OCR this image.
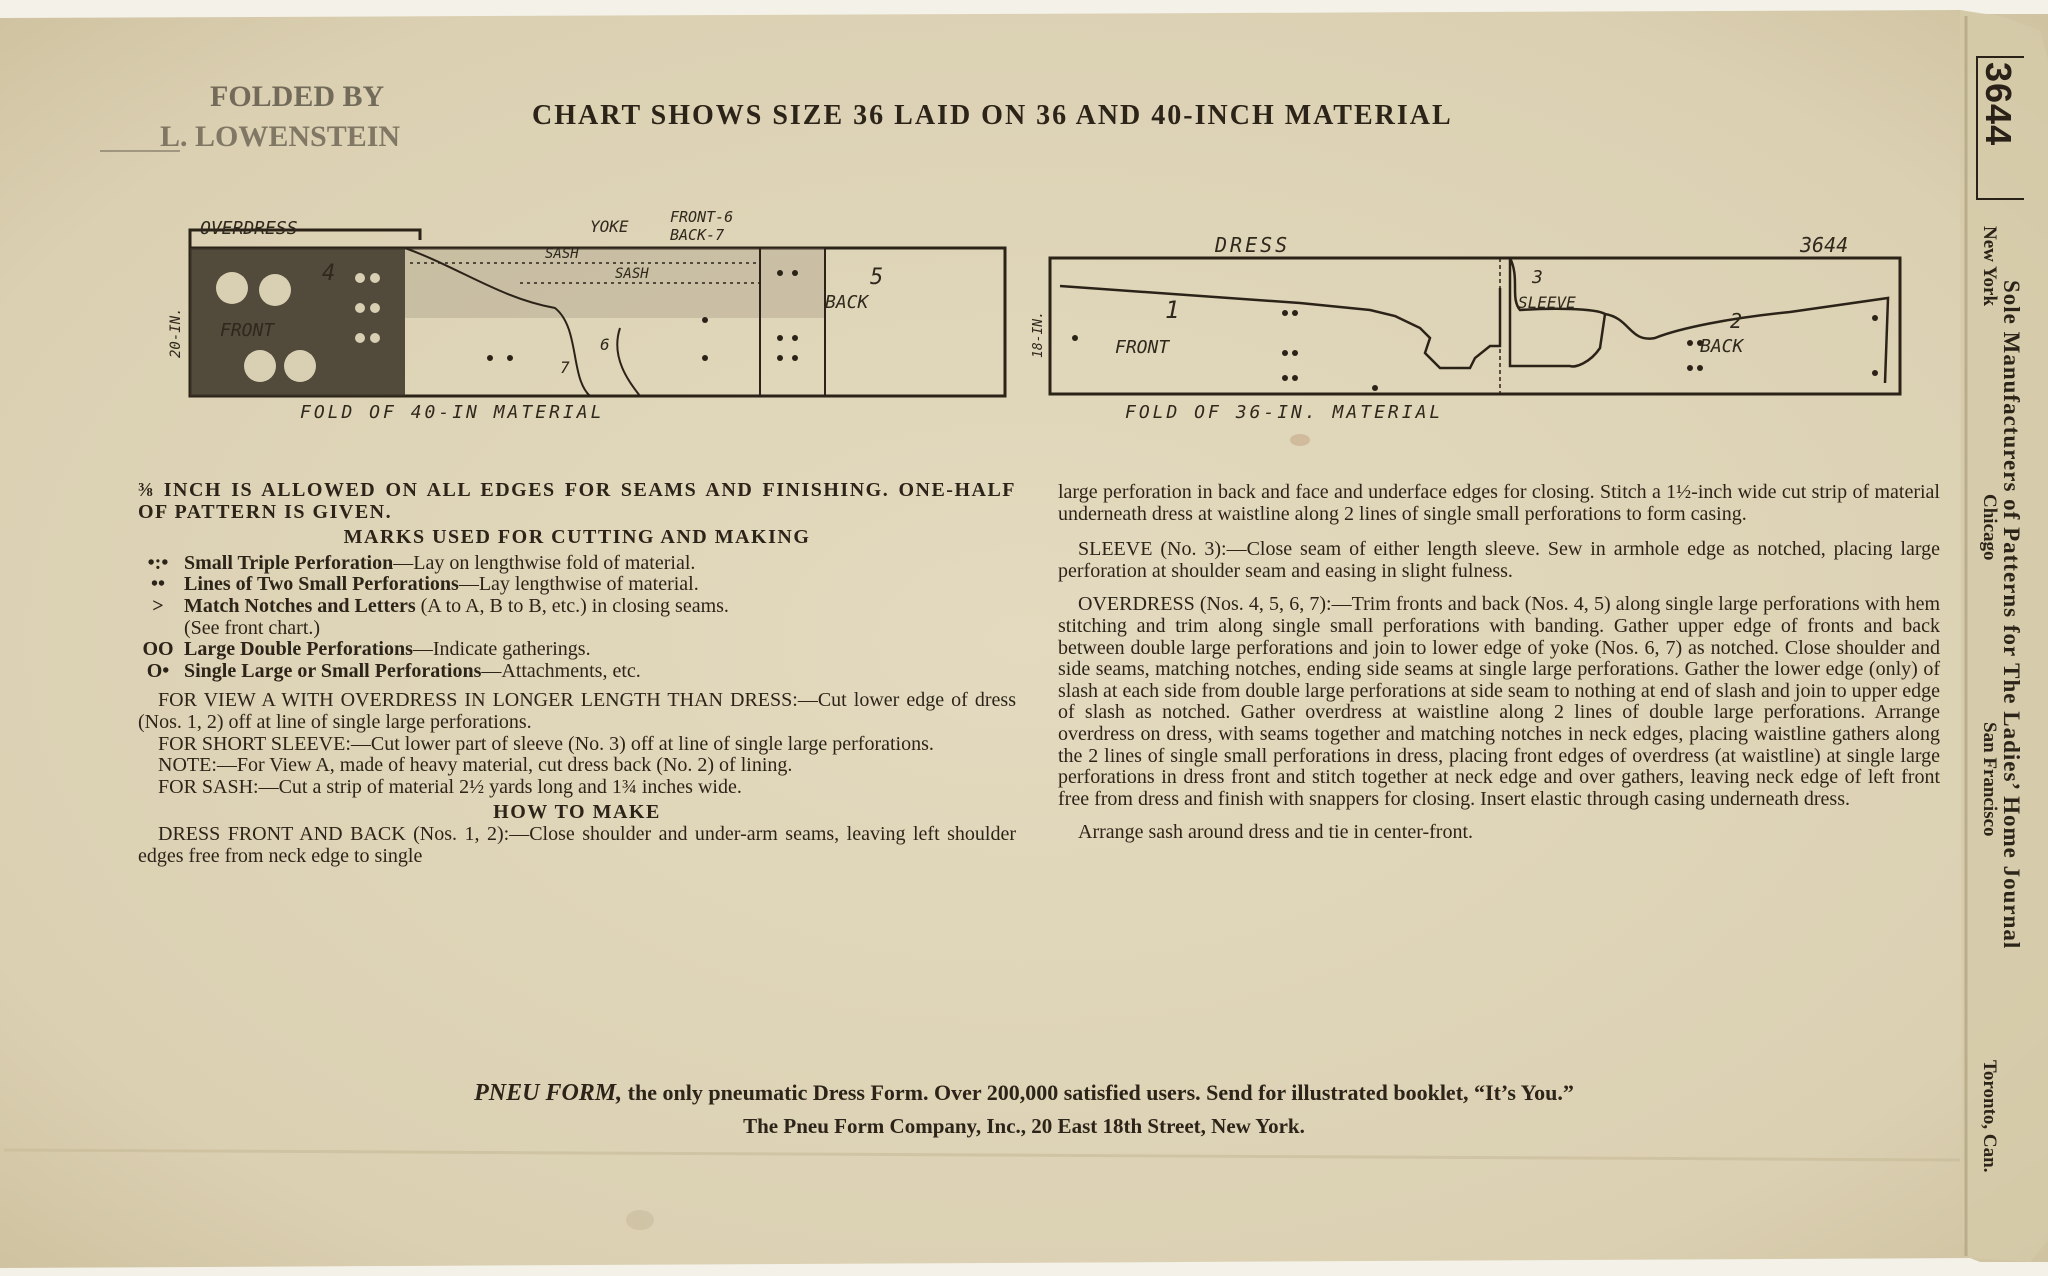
FOLDED BY
L. LOWENSTEIN
CHART SHOWS SIZE 36 LAID ON 36 AND 40-INCH MATERIAL
OVERDRESS	YOKE	FRONT-6
BACK-7
SASH
SASH
4
FRONT
5
BACK
6
7
20-IN.
FOLD OF 40-IN MATERIAL
DRESS	3644
1
FRONT
3
SLEEVE
2
BACK
18-IN.
FOLD OF 36-IN. MATERIAL

⅜ INCH IS ALLOWED ON ALL EDGES FOR SEAMS AND FINISHING. ONE-HALF OF PATTERN IS GIVEN.

MARKS USED FOR CUTTING AND MAKING

•:• Small Triple Perforation—Lay on lengthwise fold of material.
•• Lines of Two Small Perforations—Lay lengthwise of material.
>	Match Notches and Letters (A to A, B to B, etc.) in closing seams.
(See front chart.)
OO Large Double Perforations—Indicate gatherings.
O• Single Large or Small Perforations—Attachments, etc.

FOR VIEW A WITH OVERDRESS IN LONGER LENGTH THAN DRESS:—Cut lower edge of dress (Nos. 1, 2) off at line of single large perforations.

FOR SHORT SLEEVE:—Cut lower part of sleeve (No. 3) off at line of single large perforations.

NOTE:—For View A, made of heavy material, cut dress back (No. 2) of lining.

FOR SASH:—Cut a strip of material 2½ yards long and 1¾ inches wide.

HOW TO MAKE

DRESS FRONT AND BACK (Nos. 1, 2):—Close shoulder and under-arm seams, leaving left shoulder edges free from neck edge to single

large perforation in back and face and underface edges for closing. Stitch a 1½-inch wide cut strip of material underneath dress at waistline along 2 lines of single small perforations to form casing.

SLEEVE (No. 3):—Close seam of either length sleeve. Sew in armhole edge as notched, placing large perforation at shoulder seam and easing in slight fulness.

OVERDRESS (Nos. 4, 5, 6, 7):—Trim fronts and back (Nos. 4, 5) along single large perforations with hem stitching and trim along single small perforations with banding. Gather upper edge of fronts and back between double large perforations and join to lower edge of yoke (Nos. 6, 7) as notched. Close shoulder and side seams, matching notches, ending side seams at single large perforations. Gather the lower edge (only) of slash at each side from double large perforations at side seam to nothing at end of slash and join to upper edge of slash as notched. Gather overdress at waistline along 2 lines of double large perforations. Arrange overdress on dress, with seams together and matching notches in neck edges, placing waistline gathers along the 2 lines of single small perforations in dress, placing front edges of overdress (at waistline) at single large perforations in dress front and stitch together at neck edge and over gathers, leaving neck edge of left front free from dress and finish with snappers for closing. Insert elastic through casing underneath dress.

Arrange sash around dress and tie in center-front.

PNEU FORM, the only pneumatic Dress Form. Over 200,000 satisfied users. Send for illustrated booklet, “It’s You.”
The Pneu Form Company, Inc., 20 East 18th Street, New York.
3644
Sole Manufacturers of Patterns for The Ladies’ Home Journal
New York
Chicago
San Francisco
Toronto, Can.
